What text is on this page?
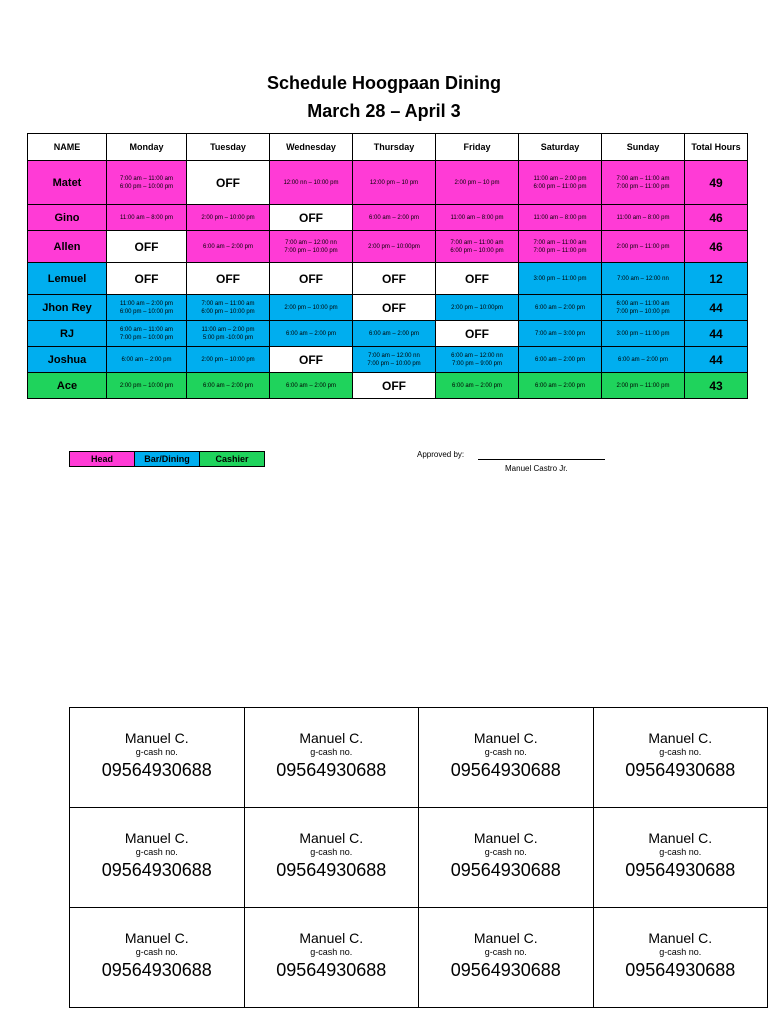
Schedule Hoogpaan Dining
March 28 – April 3
NAME	Monday	Tuesday	Wednesday	Thursday	Friday	Saturday	Sunday	Total Hours
Matet	7:00 am – 11:00 am
6:00 pm – 10:00 pm	OFF	12:00 nn – 10:00 pm	12:00 pm – 10 pm	2:00 pm – 10 pm	11:00 am – 2:00 pm
6:00 pm – 11:00 pm	7:00 am – 11:00 am
7:00 pm – 11:00 pm	49
Gino	11:00 am – 8:00 pm	2:00 pm – 10:00 pm	OFF	6:00 am – 2:00 pm	11:00 am – 8:00 pm	11:00 am – 8:00 pm	11:00 am – 8:00 pm	46
Allen	OFF	6:00 am – 2:00 pm	7:00 am – 12:00 nn
7:00 pm – 10:00 pm	2:00 pm – 10:00pm	7:00 am – 11:00 am
6:00 pm – 10:00 pm	7:00 am – 11:00 am
7:00 pm – 11:00 pm	2:00 pm – 11:00 pm	46
Lemuel	OFF	OFF	OFF	OFF	OFF	3:00 pm – 11:00 pm	7:00 am – 12:00 nn	12
Jhon Rey	11:00 am – 2:00 pm
6:00 pm – 10:00 pm	7:00 am – 11:00 am
6:00 pm – 10:00 pm	2:00 pm – 10:00 pm	OFF	2:00 pm – 10:00pm	6:00 am – 2:00 pm	6:00 am – 11:00 am
7:00 pm – 10:00 pm	44
RJ	6:00 am – 11:00 am
7:00 pm – 10:00 pm	11:00 am – 2:00 pm
5:00 pm -10:00 pm	6:00 am – 2:00 pm	6:00 am – 2:00 pm	OFF	7:00 am – 3:00 pm	3:00 pm – 11:00 pm	44
Joshua	6:00 am – 2:00 pm	2:00 pm – 10:00 pm	OFF	7:00 am – 12:00 nn
7:00 pm – 10:00 pm	6:00 am – 12:00 nn
7:00 pm – 9:00 pm	6:00 am – 2:00 pm	6:00 am – 2:00 pm	44
Ace	2:00 pm – 10:00 pm	6:00 am – 2:00 pm	6:00 am – 2:00 pm	OFF	6:00 am – 2:00 pm	6:00 am – 2:00 pm	2:00 pm – 11:00 pm	43
Head	Bar/Dining	Cashier	Approved by:
Manuel Castro Jr.
Manuel C.
g-cash no.
09564930688	Manuel C.
g-cash no.
09564930688	Manuel C.
g-cash no.
09564930688	Manuel C.
g-cash no.
09564930688

Manuel C.
g-cash no.
09564930688	Manuel C.
g-cash no.
09564930688	Manuel C.
g-cash no.
09564930688	Manuel C.
g-cash no.
09564930688

Manuel C.
g-cash no.
09564930688	Manuel C.
g-cash no.
09564930688	Manuel C.
g-cash no.
09564930688	Manuel C.
g-cash no.
09564930688
